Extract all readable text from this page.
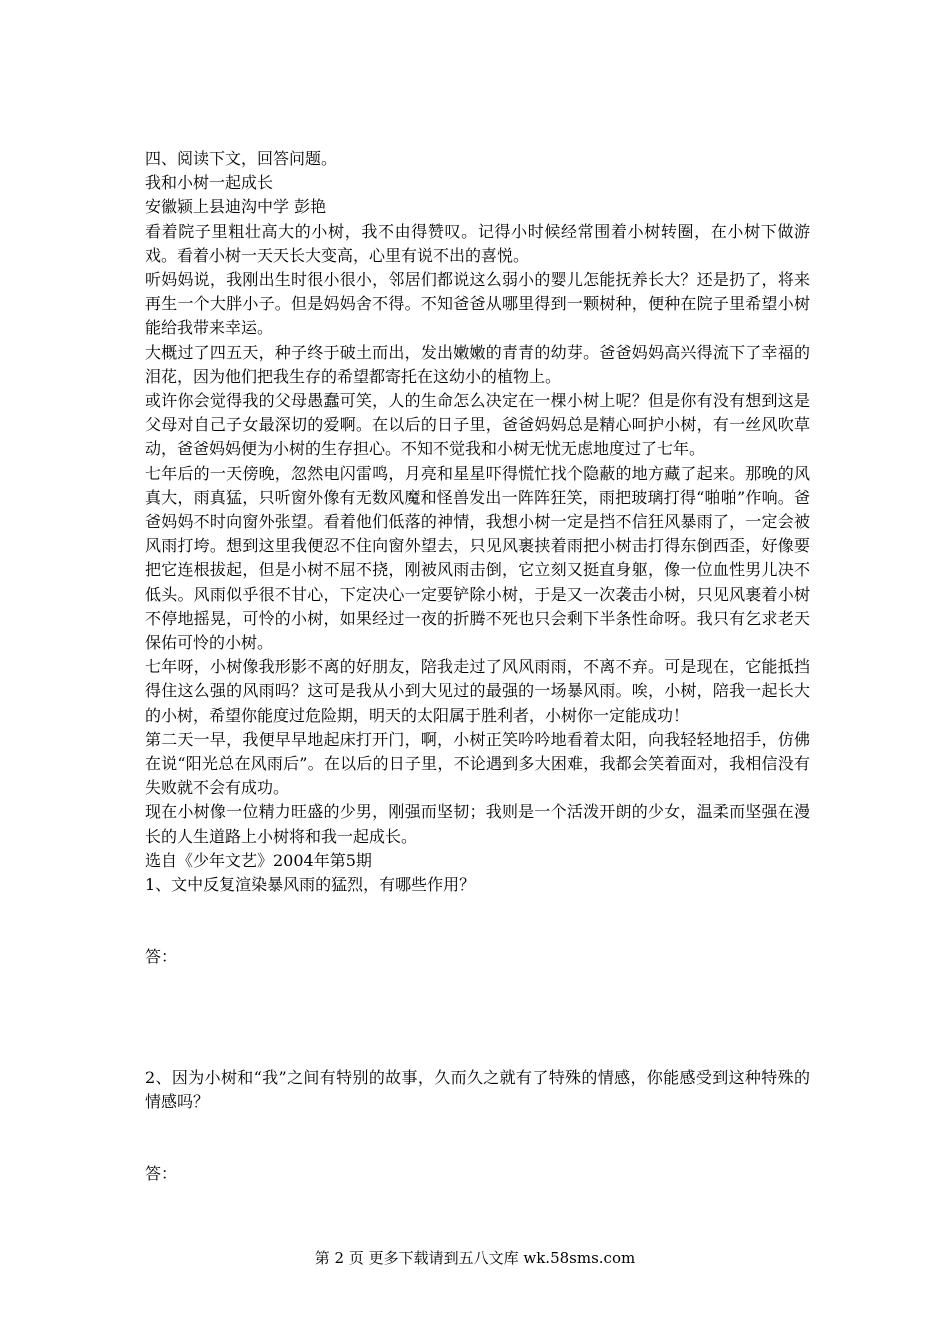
四、阅读下文，回答问题。

我和小树一起成长

安徽颍上县迪沟中学 彭艳

看着院子里粗壮高大的小树，我不由得赞叹。记得小时候经常围着小树转圈，在小树下做游戏。看着小树一天天长大变高，心里有说不出的喜悦。

听妈妈说，我刚出生时很小很小，邻居们都说这么弱小的婴儿怎能抚养长大？还是扔了，将来再生一个大胖小子。但是妈妈舍不得。不知爸爸从哪里得到一颗树种，便种在院子里希望小树能给我带来幸运。

大概过了四五天，种子终于破土而出，发出嫩嫩的青青的幼芽。爸爸妈妈高兴得流下了幸福的泪花，因为他们把我生存的希望都寄托在这幼小的植物上。

或许你会觉得我的父母愚蠢可笑，人的生命怎么决定在一棵小树上呢？但是你有没有想到这是父母对自己子女最深切的爱啊。在以后的日子里，爸爸妈妈总是精心呵护小树，有一丝风吹草动，爸爸妈妈便为小树的生存担心。不知不觉我和小树无忧无虑地度过了七年。

七年后的一天傍晚，忽然电闪雷鸣，月亮和星星吓得慌忙找个隐蔽的地方藏了起来。那晚的风真大，雨真猛，只听窗外像有无数风魔和怪兽发出一阵阵狂笑，雨把玻璃打得“啪啪”作响。爸爸妈妈不时向窗外张望。看着他们低落的神情，我想小树一定是挡不信狂风暴雨了，一定会被风雨打垮。想到这里我便忍不住向窗外望去，只见风裹挟着雨把小树击打得东倒西歪，好像要把它连根拔起，但是小树不屈不挠，刚被风雨击倒，它立刻又挺直身躯，像一位血性男儿决不低头。风雨似乎很不甘心，下定决心一定要铲除小树，于是又一次袭击小树，只见风裹着小树不停地摇晃，可怜的小树，如果经过一夜的折腾不死也只会剩下半条性命呀。我只有乞求老天保佑可怜的小树。

七年呀，小树像我形影不离的好朋友，陪我走过了风风雨雨，不离不弃。可是现在，它能抵挡得住这么强的风雨吗？这可是我从小到大见过的最强的一场暴风雨。唉，小树，陪我一起长大的小树，希望你能度过危险期，明天的太阳属于胜利者，小树你一定能成功！

第二天一早，我便早早地起床打开门，啊，小树正笑吟吟地看着太阳，向我轻轻地招手，仿佛在说“阳光总在风雨后”。在以后的日子里，不论遇到多大困难，我都会笑着面对，我相信没有失败就不会有成功。

现在小树像一位精力旺盛的少男，刚强而坚韧；我则是一个活泼开朗的少女，温柔而坚强在漫长的人生道路上小树将和我一起成长。

选自《少年文艺》2004年第5期

1、文中反复渲染暴风雨的猛烈，有哪些作用？

答：

2、因为小树和“我”之间有特别的故事，久而久之就有了特殊的情感，你能感受到这种特殊的情感吗？

答：

第 2 页 更多下载请到五八文库 wk.58sms.com
